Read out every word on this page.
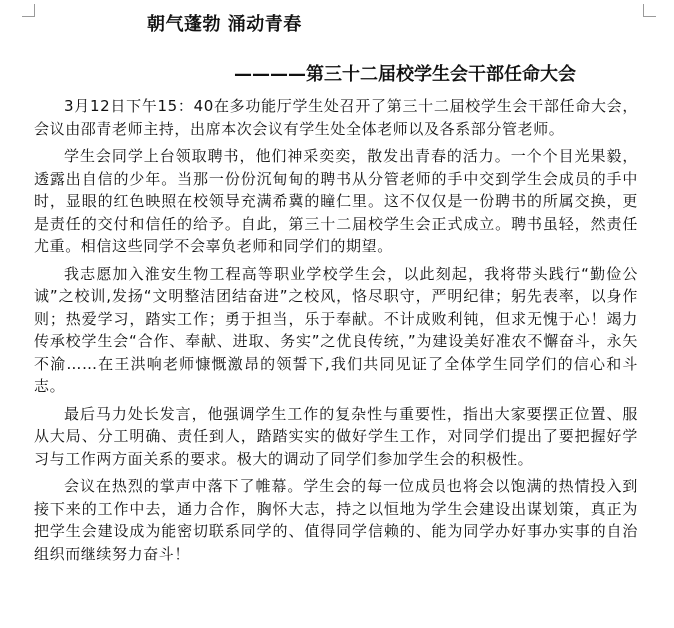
朝气蓬勃 涌动青春
————第三十二届校学生会干部任命大会

3月12日下午15：40在多功能厅学生处召开了第三十二届校学生会干部任命大会，会议由邵青老师主持，出席本次会议有学生处全体老师以及各系部分管老师。

学生会同学上台领取聘书，他们神采奕奕，散发出青春的活力。一个个目光果毅，透露出自信的少年。当那一份份沉甸甸的聘书从分管老师的手中交到学生会成员的手中时，显眼的红色映照在校领导充满希冀的瞳仁里。这不仅仅是一份聘书的所属交换，更是责任的交付和信任的给予。自此，第三十二届校学生会正式成立。聘书虽轻，然责任尤重。相信这些同学不会辜负老师和同学们的期望。

我志愿加入淮安生物工程高等职业学校学生会，以此刻起，我将带头践行“勤俭公诚”之校训,发扬“文明整洁团结奋进”之校风，恪尽职守，严明纪律；躬先表率，以身作则；热爱学习，踏实工作；勇于担当，乐于奉献。不计成败利钝，但求无愧于心！竭力传承校学生会“合作、奉献、进取、务实”之优良传统，”为建设美好准农不懈奋斗，永矢不渝……在王洪响老师慷慨激昂的领誓下,我们共同见证了全体学生同学们的信心和斗志。

最后马力处长发言，他强调学生工作的复杂性与重要性，指出大家要摆正位置、服从大局、分工明确、责任到人，踏踏实实的做好学生工作，对同学们提出了要把握好学习与工作两方面关系的要求。极大的调动了同学们参加学生会的积极性。

会议在热烈的掌声中落下了帷幕。学生会的每一位成员也将会以饱满的热情投入到接下来的工作中去，通力合作，胸怀大志，持之以恒地为学生会建设出谋划策，真正为把学生会建设成为能密切联系同学的、值得同学信赖的、能为同学办好事办实事的自治组织而继续努力奋斗！
